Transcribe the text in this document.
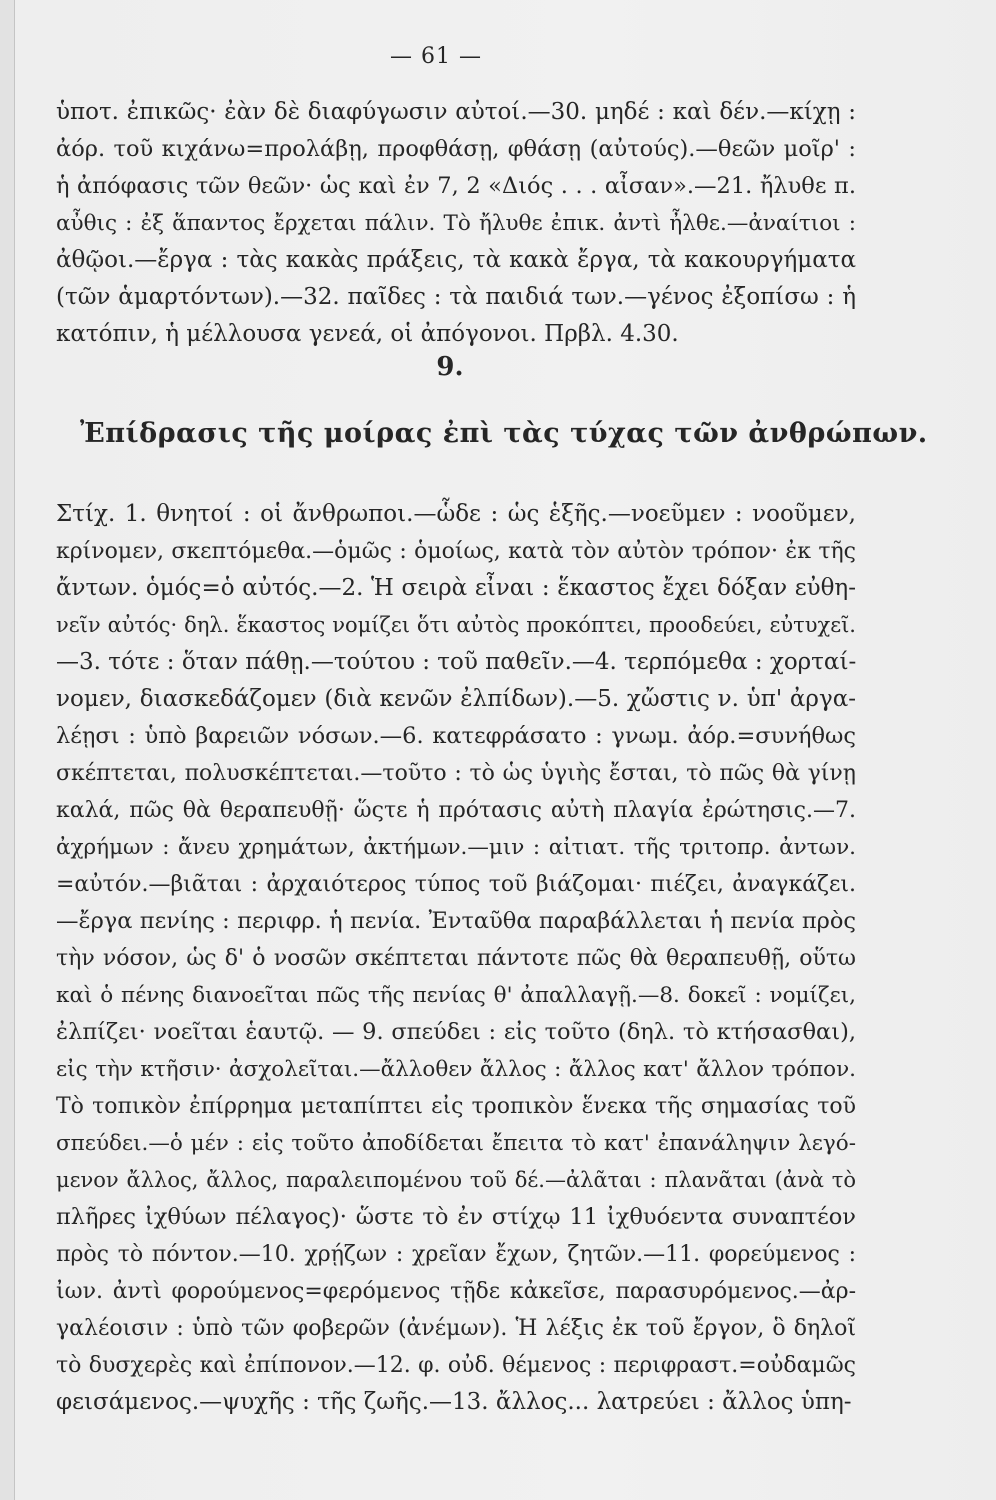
— 61 —
ὑποτ. ἐπικῶς· ἐὰν δὲ διαφύγωσιν αὐτοί.—30. μηδέ : καὶ δέν.—κίχῃ :
ἀόρ. τοῦ κιχάνω=προλάβῃ, προφθάσῃ, φθάσῃ (αὐτούς).—θεῶν μοῖρ' :
ἡ ἀπόφασις τῶν θεῶν· ὡς καὶ ἐν 7, 2 «Διός . . . αἶσαν».—21. ἤλυθε π.
αὖθις : ἐξ ἅπαντος ἔρχεται πάλιν. Τὸ ἤλυθε ἐπικ. ἀντὶ ἦλθε.—ἀναίτιοι :
ἀθῷοι.—ἔργα : τὰς κακὰς πράξεις, τὰ κακὰ ἔργα, τὰ κακουργήματα
(τῶν ἁμαρτόντων).—32. παῖδες : τὰ παιδιά των.—γένος ἐξοπίσω : ἡ
κατόπιν, ἡ μέλλουσα γενεά, οἱ ἀπόγονοι. Πρβλ. 4.30.
9.
Ἐπίδρασις τῆς μοίρας ἐπὶ τὰς τύχας τῶν ἀνθρώπων.
Στίχ. 1. θνητοί : οἱ ἄνθρωποι.—ὧδε : ὡς ἑξῆς.—νοεῦμεν : νοοῦμεν,
κρίνομεν, σκεπτόμεθα.—ὁμῶς : ὁμοίως, κατὰ τὸν αὐτὸν τρόπον· ἐκ τῆς
ἄντων. ὁμός=ὁ αὐτός.—2. Ἡ σειρὰ εἶναι : ἕκαστος ἔχει δόξαν εὐθη-
νεῖν αὐτός· δηλ. ἕκαστος νομίζει ὅτι αὐτὸς προκόπτει, προοδεύει, εὐτυχεῖ.
—3. τότε : ὅταν πάθῃ.—τούτου : τοῦ παθεῖν.—4. τερπόμεθα : χορταί-
νομεν, διασκεδάζομεν (διὰ κενῶν ἐλπίδων).—5. χὤστις ν. ὑπ' ἀργα-
λέῃσι : ὑπὸ βαρειῶν νόσων.—6. κατεφράσατο : γνωμ. ἀόρ.=συνήθως
σκέπτεται, πολυσκέπτεται.—τοῦτο : τὸ ὡς ὑγιὴς ἔσται, τὸ πῶς θὰ γίνῃ
καλά, πῶς θὰ θεραπευθῇ· ὥςτε ἡ πρότασις αὐτὴ πλαγία ἐρώτησις.—7.
ἀχρήμων : ἄνευ χρημάτων, ἀκτήμων.—μιν : αἰτιατ. τῆς τριτοπρ. ἀντων.
=αὐτόν.—βιᾶται : ἀρχαιότερος τύπος τοῦ βιάζομαι· πιέζει, ἀναγκάζει.
—ἔργα πενίης : περιφρ. ἡ πενία. Ἐνταῦθα παραβάλλεται ἡ πενία πρὸς
τὴν νόσον, ὡς δ' ὁ νοσῶν σκέπτεται πάντοτε πῶς θὰ θεραπευθῇ, οὕτω
καὶ ὁ πένης διανοεῖται πῶς τῆς πενίας θ' ἀπαλλαγῇ.—8. δοκεῖ : νομίζει,
ἐλπίζει· νοεῖται ἑαυτῷ. — 9. σπεύδει : εἰς τοῦτο (δηλ. τὸ κτήσασθαι),
εἰς τὴν κτῆσιν· ἀσχολεῖται.—ἄλλοθεν ἄλλος : ἄλλος κατ' ἄλλον τρόπον.
Τὸ τοπικὸν ἐπίρρημα μεταπίπτει εἰς τροπικὸν ἕνεκα τῆς σημασίας τοῦ
σπεύδει.—ὁ μέν : εἰς τοῦτο ἀποδίδεται ἔπειτα τὸ κατ' ἐπανάληψιν λεγό-
μενον ἄλλος, ἄλλος, παραλειπομένου τοῦ δέ.—ἀλᾶται : πλανᾶται (ἀνὰ τὸ
πλῆρες ἰχθύων πέλαγος)· ὥστε τὸ ἐν στίχῳ 11 ἰχθυόεντα συναπτέον
πρὸς τὸ πόντον.—10. χρῄζων : χρεῖαν ἔχων, ζητῶν.—11. φορεύμενος :
ἰων. ἀντὶ φορούμενος=φερόμενος τῇδε κἀκεῖσε, παρασυρόμενος.—ἀρ-
γαλέοισιν : ὑπὸ τῶν φοβερῶν (ἀνέμων). Ἡ λέξις ἐκ τοῦ ἔργον, ὃ δηλοῖ
τὸ δυσχερὲς καὶ ἐπίπονον.—12. φ. οὐδ. θέμενος : περιφραστ.=οὐδαμῶς
φεισάμενος.—ψυχῆς : τῆς ζωῆς.—13. ἄλλος... λατρεύει : ἄλλος ὑπη-
